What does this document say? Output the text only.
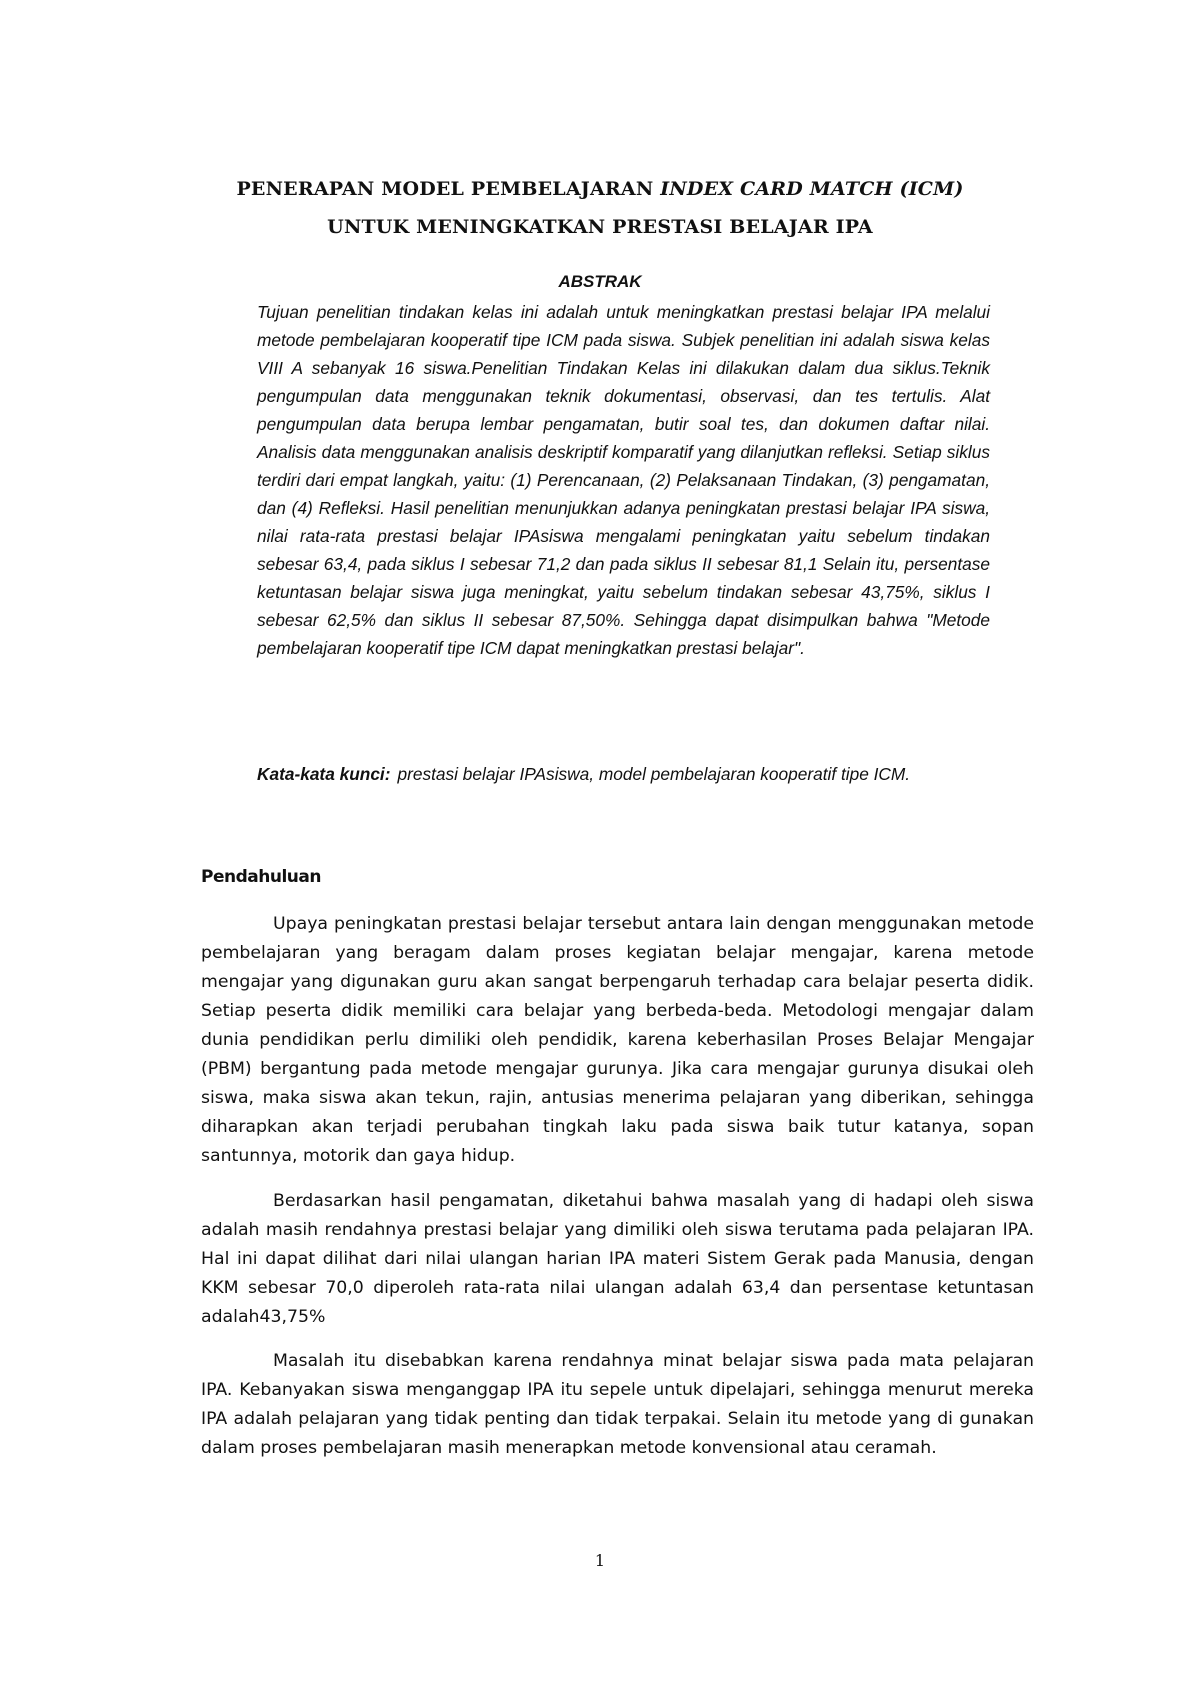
PENERAPAN MODEL PEMBELAJARAN INDEX CARD MATCH (ICM)
UNTUK MENINGKATKAN PRESTASI BELAJAR IPA
ABSTRAK
Tujuan penelitian tindakan kelas ini adalah untuk meningkatkan prestasi belajar IPA melalui metode pembelajaran kooperatif tipe ICM pada siswa. Subjek penelitian ini adalah siswa kelas VIII A sebanyak 16 siswa.Penelitian Tindakan Kelas ini dilakukan dalam dua siklus.Teknik pengumpulan data menggunakan teknik dokumentasi, observasi, dan tes tertulis. Alat pengumpulan data berupa lembar pengamatan, butir soal tes, dan dokumen daftar nilai. Analisis data menggunakan analisis deskriptif komparatif yang dilanjutkan refleksi. Setiap siklus terdiri dari empat langkah, yaitu: (1) Perencanaan, (2) Pelaksanaan Tindakan, (3) pengamatan, dan (4) Refleksi. Hasil penelitian menunjukkan adanya peningkatan prestasi belajar IPA siswa, nilai rata-rata prestasi belajar IPAsiswa mengalami peningkatan yaitu sebelum tindakan sebesar 63,4, pada siklus I sebesar 71,2 dan pada siklus II sebesar 81,1 Selain itu, persentase ketuntasan belajar siswa juga meningkat, yaitu sebelum tindakan sebesar 43,75%, siklus I sebesar 62,5% dan siklus II sebesar 87,50%. Sehingga dapat disimpulkan bahwa "Metode pembelajaran kooperatif tipe ICM dapat meningkatkan prestasi belajar".
Kata-kata kunci: prestasi belajar IPAsiswa, model pembelajaran kooperatif tipe ICM.
Pendahuluan
Upaya peningkatan prestasi belajar tersebut antara lain dengan menggunakan metode pembelajaran yang beragam dalam proses kegiatan belajar mengajar, karena metode mengajar yang digunakan guru akan sangat berpengaruh terhadap cara belajar peserta didik. Setiap peserta didik memiliki cara belajar yang berbeda-beda. Metodologi mengajar dalam dunia pendidikan perlu dimiliki oleh pendidik, karena keberhasilan Proses Belajar Mengajar (PBM) bergantung pada metode mengajar gurunya. Jika cara mengajar gurunya disukai oleh siswa, maka siswa akan tekun, rajin, antusias menerima pelajaran yang diberikan, sehingga diharapkan akan terjadi perubahan tingkah laku pada siswa baik tutur katanya, sopan santunnya, motorik dan gaya hidup.
Berdasarkan hasil pengamatan, diketahui bahwa masalah yang di hadapi oleh siswa adalah masih rendahnya prestasi belajar yang dimiliki oleh siswa terutama pada pelajaran IPA. Hal ini dapat dilihat dari nilai ulangan harian IPA materi Sistem Gerak pada Manusia, dengan KKM sebesar 70,0 diperoleh rata-rata nilai ulangan adalah 63,4 dan persentase ketuntasan adalah43,75%
Masalah itu disebabkan karena rendahnya minat belajar siswa pada mata pelajaran IPA. Kebanyakan siswa menganggap IPA itu sepele untuk dipelajari, sehingga menurut mereka IPA adalah pelajaran yang tidak penting dan tidak terpakai. Selain itu metode yang di gunakan dalam proses pembelajaran masih menerapkan metode konvensional atau ceramah.
1
